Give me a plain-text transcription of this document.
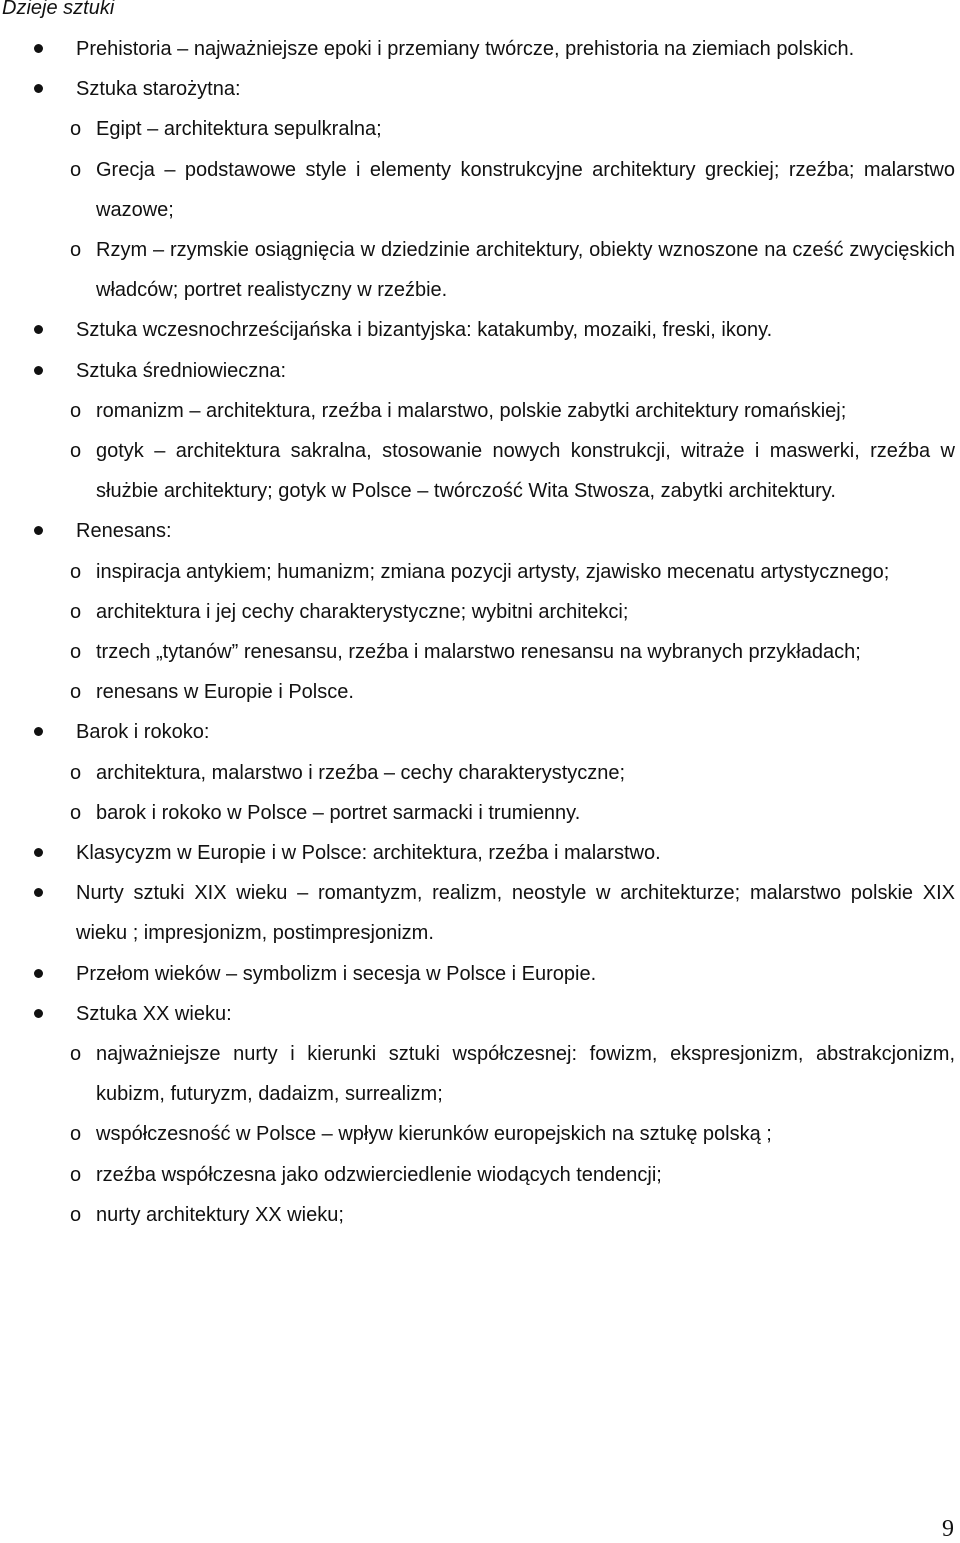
Dzieje sztuki
Prehistoria – najważniejsze epoki i przemiany twórcze, prehistoria na ziemiach polskich.
Sztuka starożytna:
o Egipt – architektura sepulkralna;
o Grecja – podstawowe style i elementy konstrukcyjne architektury greckiej; rzeźba; malarstwo wazowe;
o Rzym – rzymskie osiągnięcia w dziedzinie architektury, obiekty wznoszone na cześć zwycięskich władców; portret realistyczny w rzeźbie.
Sztuka wczesnochrześcijańska i bizantyjska: katakumby, mozaiki, freski, ikony.
Sztuka średniowieczna:
o romanizm – architektura, rzeźba i malarstwo, polskie zabytki architektury romańskiej;
o gotyk – architektura sakralna, stosowanie nowych konstrukcji, witraże i maswerki, rzeźba w służbie architektury; gotyk w Polsce – twórczość Wita Stwosza, zabytki architektury.
Renesans:
o inspiracja antykiem; humanizm; zmiana pozycji artysty, zjawisko mecenatu artystycznego;
o architektura i jej cechy charakterystyczne; wybitni architekci;
o trzech „tytanów” renesansu, rzeźba i malarstwo renesansu na wybranych przykładach;
o renesans w Europie i Polsce.
Barok i rokoko:
o architektura, malarstwo i rzeźba – cechy charakterystyczne;
o barok i rokoko w Polsce – portret sarmacki i trumienny.
Klasycyzm w Europie i w Polsce: architektura, rzeźba i malarstwo.
Nurty sztuki XIX wieku – romantyzm, realizm, neostyle w architekturze; malarstwo polskie XIX wieku ; impresjonizm, postimpresjonizm.
Przełom wieków – symbolizm i secesja w Polsce i Europie.
Sztuka XX wieku:
o najważniejsze nurty i kierunki sztuki współczesnej: fowizm, ekspresjonizm, abstrakcjonizm, kubizm, futuryzm, dadaizm, surrealizm;
o współczesność w Polsce – wpływ kierunków europejskich na sztukę polską ;
o rzeźba współczesna jako odzwierciedlenie wiodących tendencji;
o nurty architektury XX wieku;
9
